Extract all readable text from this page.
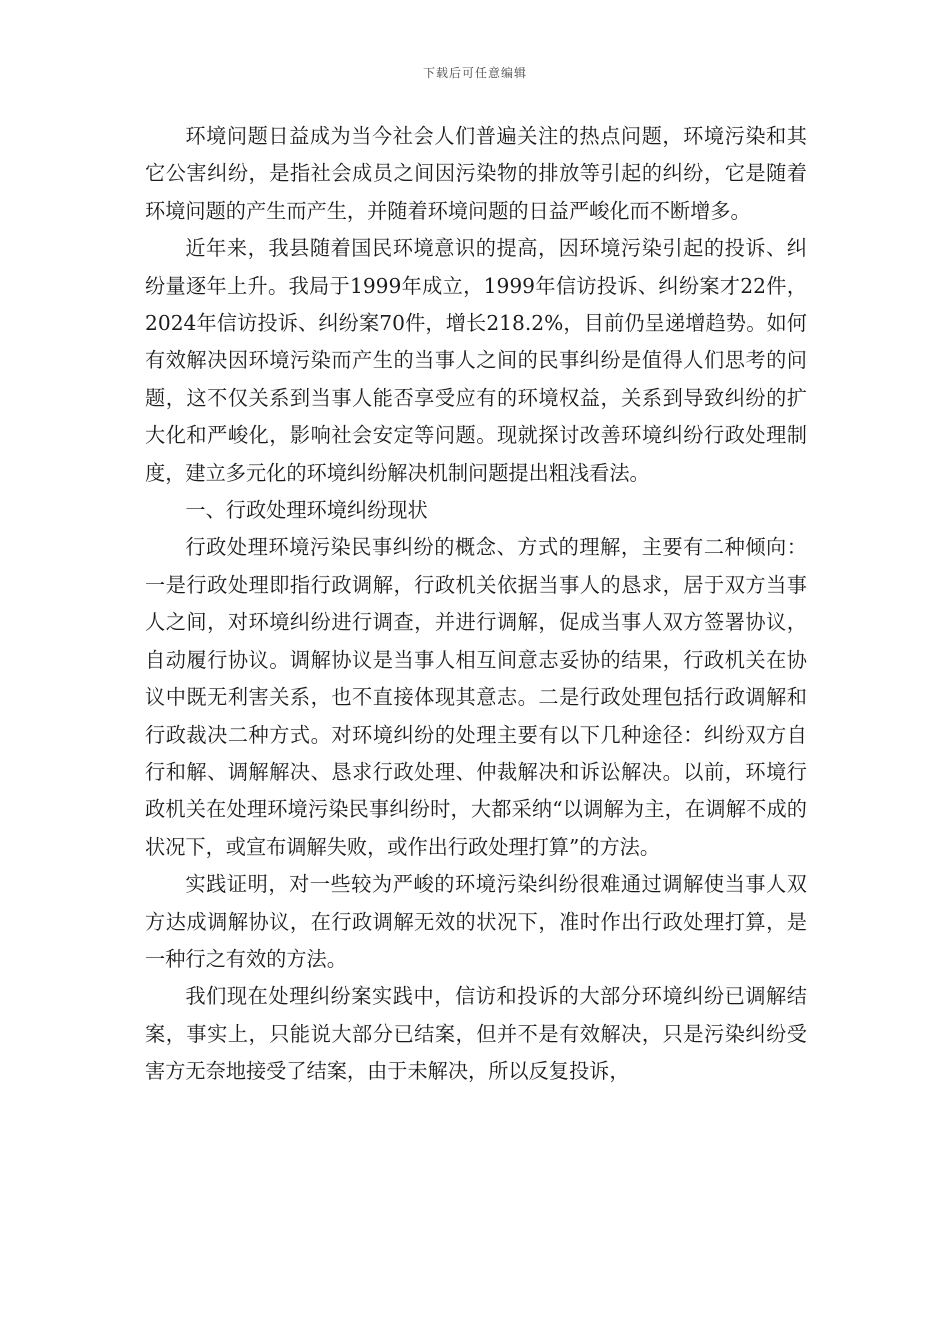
下载后可任意编辑

环境问题日益成为当今社会人们普遍关注的热点问题，环境污染和其它公害纠纷，是指社会成员之间因污染物的排放等引起的纠纷，它是随着环境问题的产生而产生，并随着环境问题的日益严峻化而不断增多。

近年来，我县随着国民环境意识的提高，因环境污染引起的投诉、纠纷量逐年上升。我局于1999年成立，1999年信访投诉、纠纷案才22件，2024年信访投诉、纠纷案70件，增长218.2%，目前仍呈递增趋势。如何有效解决因环境污染而产生的当事人之间的民事纠纷是值得人们思考的问题，这不仅关系到当事人能否享受应有的环境权益，关系到导致纠纷的扩大化和严峻化，影响社会安定等问题。现就探讨改善环境纠纷行政处理制度，建立多元化的环境纠纷解决机制问题提出粗浅看法。

一、行政处理环境纠纷现状

行政处理环境污染民事纠纷的概念、方式的理解，主要有二种倾向：一是行政处理即指行政调解，行政机关依据当事人的恳求，居于双方当事人之间，对环境纠纷进行调查，并进行调解，促成当事人双方签署协议，自动履行协议。调解协议是当事人相互间意志妥协的结果，行政机关在协议中既无利害关系，也不直接体现其意志。二是行政处理包括行政调解和行政裁决二种方式。对环境纠纷的处理主要有以下几种途径：纠纷双方自行和解、调解解决、恳求行政处理、仲裁解决和诉讼解决。以前，环境行政机关在处理环境污染民事纠纷时，大都采纳“以调解为主，在调解不成的状况下，或宣布调解失败，或作出行政处理打算”的方法。

实践证明，对一些较为严峻的环境污染纠纷很难通过调解使当事人双方达成调解协议，在行政调解无效的状况下，准时作出行政处理打算，是一种行之有效的方法。

我们现在处理纠纷案实践中，信访和投诉的大部分环境纠纷已调解结案，事实上，只能说大部分已结案，但并不是有效解决，只是污染纠纷受害方无奈地接受了结案，由于未解决，所以反复投诉，
